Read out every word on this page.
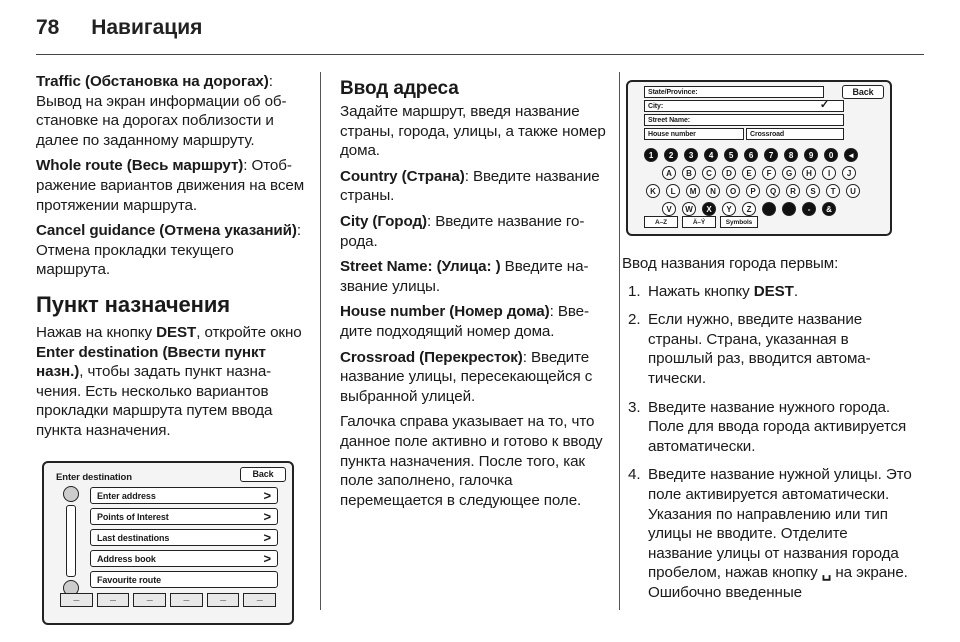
78 Навигация

Traffic (Обстановка на дорогах): Вывод на экран информации об обстановке на дорогах поблизости и далее по заданному маршруту.

Whole route (Весь маршрут): Отображение вариантов движения на всем протяжении маршрута.

Cancel guidance (Отмена указаний): Отмена прокладки текущего маршрута.

Пункт назначения

Нажав на кнопку DEST, откройте окно Enter destination (Ввести пункт назн.), чтобы задать пункт назначения. Есть несколько вариантов прокладки маршрута путем ввода пункта назначения.

Enter destination	Back
Enter address	>
Points of Interest	>
Last destinations	>
Address book	>
Favourite route
—	—	—	—	—	—
Ввод адреса

Задайте маршрут, введя название страны, города, улицы, а также номер дома.

Country (Страна): Введите название страны.

City (Город): Введите название города.

Street Name: (Улица: ) Введите название улицы.

House number (Номер дома): Введите подходящий номер дома.

Crossroad (Перекресток): Введите название улицы, пересекающейся с выбранной улицей.

Галочка справа указывает на то, что данное поле активно и готово к вводу пункта назначения. После того, как поле заполнено, галочка перемещается в следующее поле.

State/Province:	Back
City:	✓
Street Name:
House number	Crossroad
1	2	3	4	5	6	7	8	9	0	◄
A	B	C	D	E	F	G	H	I	J
K	L	M	N	O	P	Q	R	S	T	U
V	W	X	Y	Z	-	&
A–Z	Ä–Ý	Symbols

Ввод названия города первым:

1. Нажать кнопку DEST.
2. Если нужно, введите название страны. Страна, указанная в прошлый раз, вводится автоматически.
3. Введите название нужного города. Поле для ввода города активируется автоматически.
4. Введите название нужной улицы. Это поле активируется автоматически. Указания по направлению или тип улицы не вводите. Отделите название улицы от названия города пробелом, нажав кнопку ␣ на экране. Ошибочно введенные
